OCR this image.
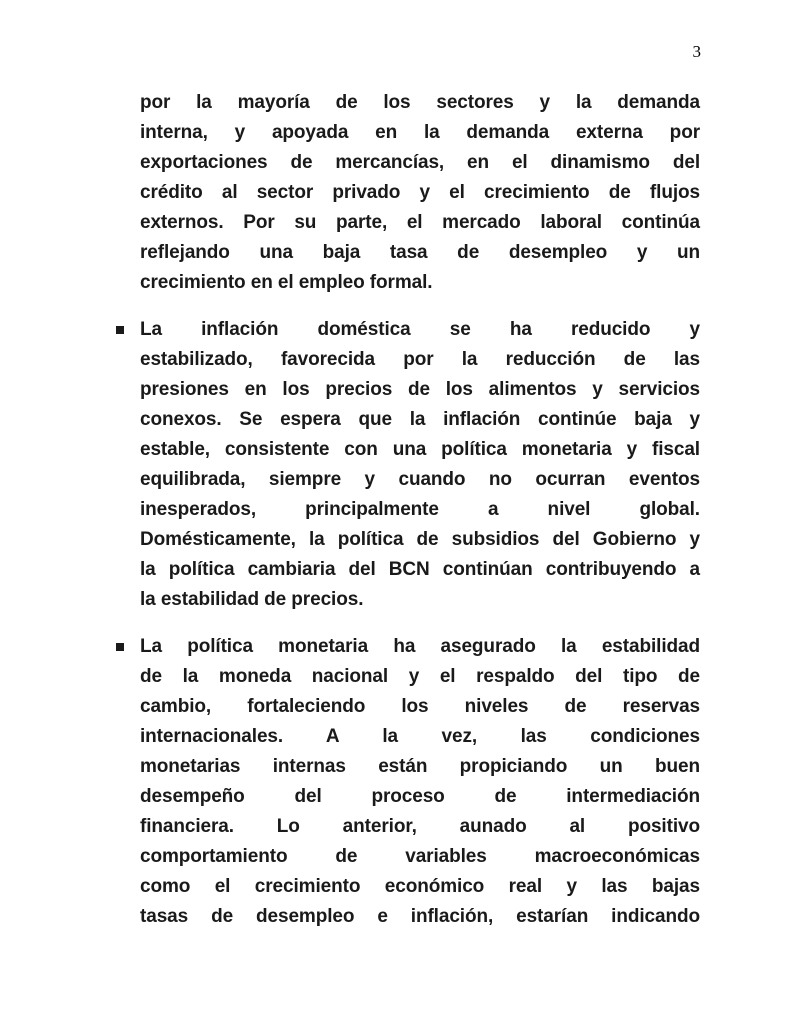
3
por la mayoría de los sectores y la demanda
interna, y apoyada en la demanda externa por
exportaciones de mercancías, en el dinamismo del
crédito al sector privado y el crecimiento de flujos
externos. Por su parte, el mercado laboral continúa
reflejando una baja tasa de desempleo y un
crecimiento en el empleo formal.
La inflación doméstica se ha reducido y
estabilizado, favorecida por la reducción de las
presiones en los precios de los alimentos y servicios
conexos. Se espera que la inflación continúe baja y
estable, consistente con una política monetaria y fiscal
equilibrada, siempre y cuando no ocurran eventos
inesperados, principalmente a nivel global.
Domésticamente, la política de subsidios del Gobierno y
la política cambiaria del BCN continúan contribuyendo a
la estabilidad de precios.
La política monetaria ha asegurado la estabilidad
de la moneda nacional y el respaldo del tipo de
cambio, fortaleciendo los niveles de reservas
internacionales. A la vez, las condiciones
monetarias internas están propiciando un buen
desempeño del proceso de intermediación
financiera. Lo anterior, aunado al positivo
comportamiento de variables macroeconómicas
como el crecimiento económico real y las bajas
tasas de desempleo e inflación, estarían indicando
